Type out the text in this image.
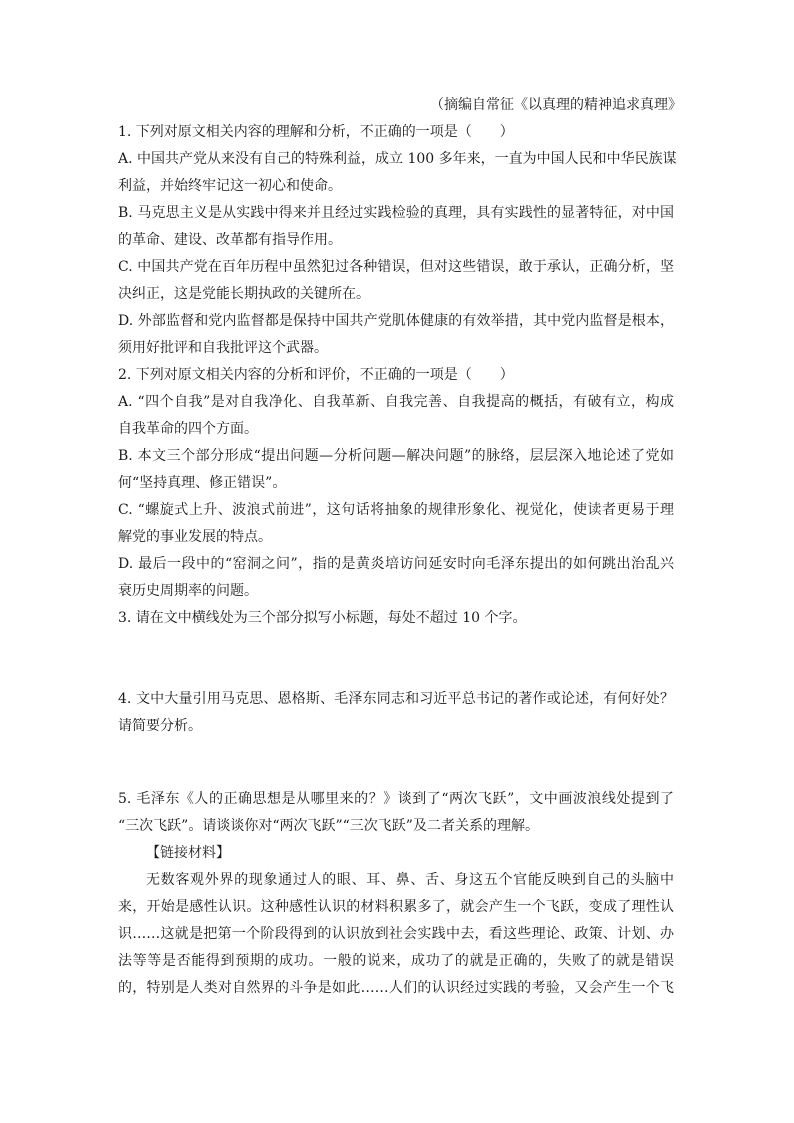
（摘编自常征《以真理的精神追求真理》
1. 下列对原文相关内容的理解和分析，不正确的一项是（　　）
A. 中国共产党从来没有自己的特殊利益，成立 100 多年来，一直为中国人民和中华民族谋
利益，并始终牢记这一初心和使命。
B. 马克思主义是从实践中得来并且经过实践检验的真理，具有实践性的显著特征，对中国
的革命、建设、改革都有指导作用。
C. 中国共产党在百年历程中虽然犯过各种错误，但对这些错误，敢于承认，正确分析，坚
决纠正，这是党能长期执政的关键所在。
D. 外部监督和党内监督都是保持中国共产党肌体健康的有效举措，其中党内监督是根本，
须用好批评和自我批评这个武器。
2. 下列对原文相关内容的分析和评价，不正确的一项是（　　）
A. “四个自我”是对自我净化、自我革新、自我完善、自我提高的概括，有破有立，构成
自我革命的四个方面。
B. 本文三个部分形成“提出问题—分析问题—解决问题”的脉络，层层深入地论述了党如
何“坚持真理、修正错误”。
C. “螺旋式上升、波浪式前进”，这句话将抽象的规律形象化、视觉化，使读者更易于理
解党的事业发展的特点。
D. 最后一段中的“窑洞之问”，指的是黄炎培访问延安时向毛泽东提出的如何跳出治乱兴
衰历史周期率的问题。
3. 请在文中横线处为三个部分拟写小标题，每处不超过 10 个字。
4. 文中大量引用马克思、恩格斯、毛泽东同志和习近平总书记的著作或论述，有何好处？
请简要分析。
5. 毛泽东《人的正确思想是从哪里来的？》谈到了“两次飞跃”，文中画波浪线处提到了
“三次飞跃”。请谈谈你对“两次飞跃”“三次飞跃”及二者关系的理解。
【链接材料】
无数客观外界的现象通过人的眼、耳、鼻、舌、身这五个官能反映到自己的头脑中
来，开始是感性认识。这种感性认识的材料积累多了，就会产生一个飞跃，变成了理性认
识……这就是把第一个阶段得到的认识放到社会实践中去，看这些理论、政策、计划、办
法等等是否能得到预期的成功。一般的说来，成功了的就是正确的，失败了的就是错误
的，特别是人类对自然界的斗争是如此……人们的认识经过实践的考验，又会产生一个飞
